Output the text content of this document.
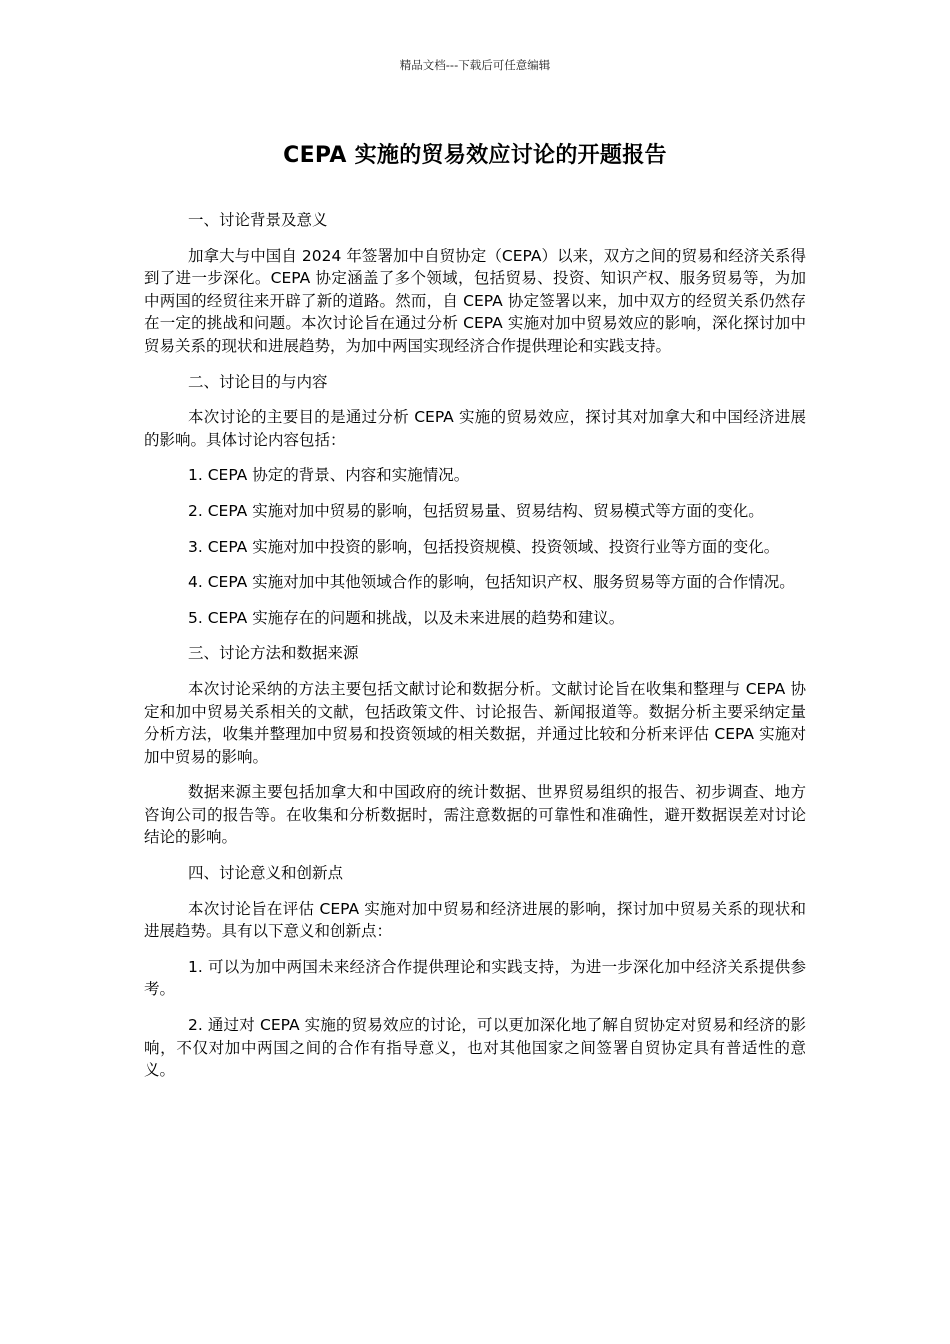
精品文档---下载后可任意编辑
CEPA 实施的贸易效应讨论的开题报告

一、讨论背景及意义

加拿大与中国自 2024 年签署加中自贸协定（CEPA）以来，双方之间的贸易和经济关系得到了进一步深化。CEPA 协定涵盖了多个领域，包括贸易、投资、知识产权、服务贸易等，为加中两国的经贸往来开辟了新的道路。然而，自 CEPA 协定签署以来，加中双方的经贸关系仍然存在一定的挑战和问题。本次讨论旨在通过分析 CEPA 实施对加中贸易效应的影响，深化探讨加中贸易关系的现状和进展趋势，为加中两国实现经济合作提供理论和实践支持。

二、讨论目的与内容

本次讨论的主要目的是通过分析 CEPA 实施的贸易效应，探讨其对加拿大和中国经济进展的影响。具体讨论内容包括：

1. CEPA 协定的背景、内容和实施情况。

2. CEPA 实施对加中贸易的影响，包括贸易量、贸易结构、贸易模式等方面的变化。

3. CEPA 实施对加中投资的影响，包括投资规模、投资领域、投资行业等方面的变化。

4. CEPA 实施对加中其他领域合作的影响，包括知识产权、服务贸易等方面的合作情况。

5. CEPA 实施存在的问题和挑战，以及未来进展的趋势和建议。

三、讨论方法和数据来源

本次讨论采纳的方法主要包括文献讨论和数据分析。文献讨论旨在收集和整理与 CEPA 协定和加中贸易关系相关的文献，包括政策文件、讨论报告、新闻报道等。数据分析主要采纳定量分析方法，收集并整理加中贸易和投资领域的相关数据，并通过比较和分析来评估 CEPA 实施对加中贸易的影响。

数据来源主要包括加拿大和中国政府的统计数据、世界贸易组织的报告、初步调查、地方咨询公司的报告等。在收集和分析数据时，需注意数据的可靠性和准确性，避开数据误差对讨论结论的影响。

四、讨论意义和创新点

本次讨论旨在评估 CEPA 实施对加中贸易和经济进展的影响，探讨加中贸易关系的现状和进展趋势。具有以下意义和创新点：

1. 可以为加中两国未来经济合作提供理论和实践支持，为进一步深化加中经济关系提供参考。

2. 通过对 CEPA 实施的贸易效应的讨论，可以更加深化地了解自贸协定对贸易和经济的影响，不仅对加中两国之间的合作有指导意义，也对其他国家之间签署自贸协定具有普适性的意义。
